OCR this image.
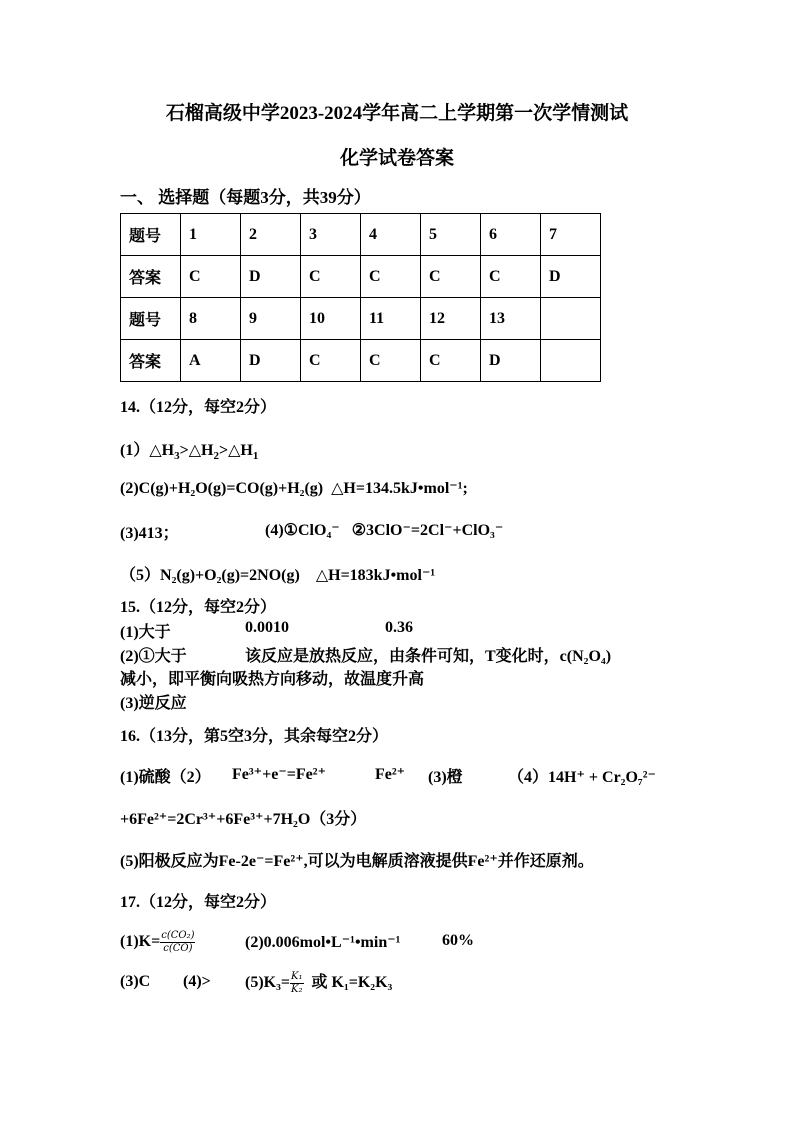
石榴高级中学2023-2024学年高二上学期第一次学情测试
化学试卷答案
一、 选择题（每题3分，共39分）
题号	1	2	3	4	5	6	7
答案	C	D	C	C	C	C	D
题号	8	9	10	11	12	13	
答案	A	D	C	C	C	D	
14.（12分，每空2分）
$(1)\triangle H_3>\triangle H_2>\triangle H_1$
(2)C(g)+H₂O(g)=CO(g)+H₂(g) △H=134.5kJ•mol⁻¹;
(3)413；	(4)①ClO₄⁻ ②3ClO⁻=2Cl⁻+ClO₃⁻
（5）N₂(g)+O₂(g)=2NO(g) △H=183kJ•mol⁻¹
15.（12分，每空2分）
(1)大于	0.0010	0.36
(2)①大于	该反应是放热反应，由条件可知，T变化时，c(N₂O₄)
减小，即平衡向吸热方向移动，故温度升高
(3)逆反应
16.（13分，第5空3分，其余每空2分）
(1)硫酸（2） Fe³⁺+e⁻=Fe²⁺	Fe²⁺ (3)橙	（4）14H⁺ + Cr₂O₇²⁻
+6Fe²⁺=2Cr³⁺+6Fe³⁺+7H₂O（3分）
(5)阳极反应为Fe-2e⁻=Fe²⁺,可以为电解质溶液提供Fe²⁺并作还原剂。
17.（12分，每空2分）
$(1)K= \frac{\text{c(CO₂)}}{c(CO)}$	(2)0.006mol•L⁻¹•min⁻¹	60%
(3)C $(4)> (5)K_3= \frac{\text{K₁}}{\text{K₂}}$ 或 K₁=K₂K₃
